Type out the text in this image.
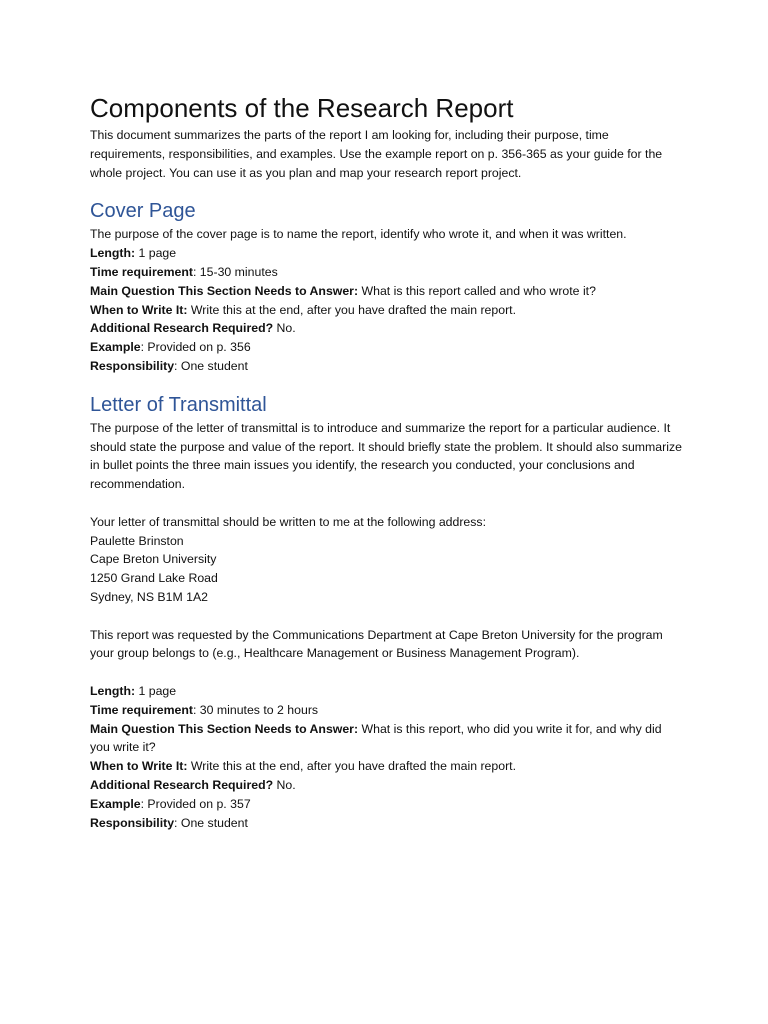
Components of the Research Report

This document summarizes the parts of the report I am looking for, including their purpose, time requirements, responsibilities, and examples. Use the example report on p. 356-365 as your guide for the whole project. You can use it as you plan and map your research report project.

Cover Page

The purpose of the cover page is to name the report, identify who wrote it, and when it was written.

Length: 1 page

Time requirement: 15-30 minutes

Main Question This Section Needs to Answer: What is this report called and who wrote it?

When to Write It: Write this at the end, after you have drafted the main report.

Additional Research Required? No.

Example: Provided on p. 356

Responsibility: One student

Letter of Transmittal

The purpose of the letter of transmittal is to introduce and summarize the report for a particular audience. It should state the purpose and value of the report. It should briefly state the problem. It should also summarize in bullet points the three main issues you identify, the research you conducted, your conclusions and recommendation.

Your letter of transmittal should be written to me at the following address:

Paulette Brinston

Cape Breton University

1250 Grand Lake Road

Sydney, NS B1M 1A2

This report was requested by the Communications Department at Cape Breton University for the program your group belongs to (e.g., Healthcare Management or Business Management Program).

Length: 1 page

Time requirement: 30 minutes to 2 hours

Main Question This Section Needs to Answer: What is this report, who did you write it for, and why did you write it?

When to Write It: Write this at the end, after you have drafted the main report.

Additional Research Required? No.

Example: Provided on p. 357

Responsibility: One student
